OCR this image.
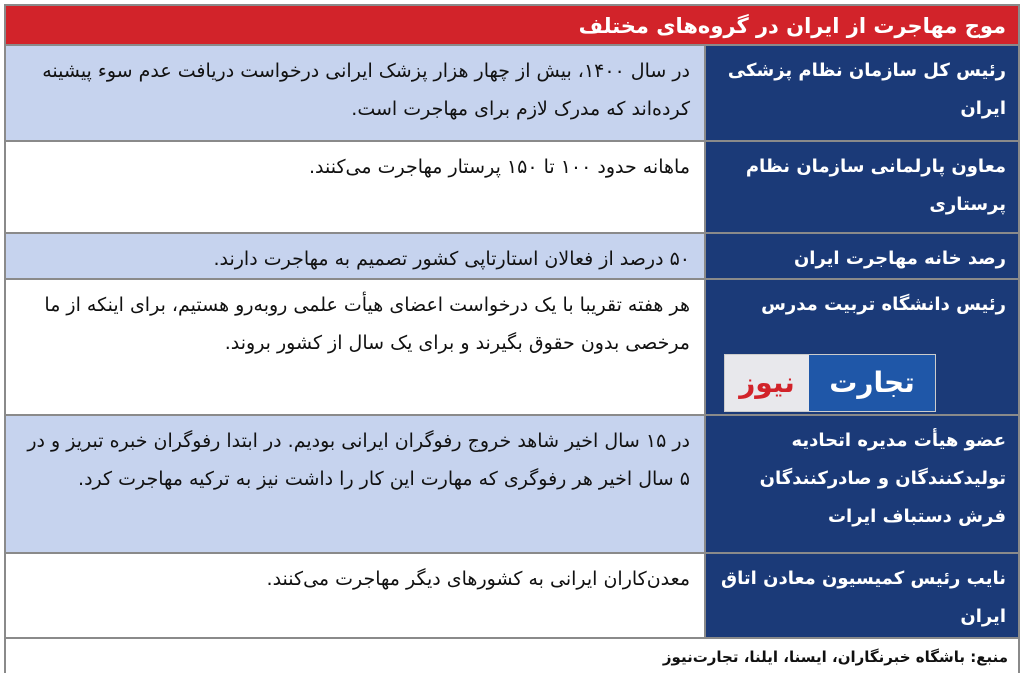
موج مهاجرت از ایران در گروه‌های مختلف
رئیس کل سازمان نظام پزشکی ایران
در سال ۱۴۰۰، بیش از چهار هزار پزشک ایرانی درخواست دریافت عدم سوء پیشینه کرده‌اند که مدرک لازم برای مهاجرت است.
معاون پارلمانی سازمان نظام پرستاری
ماهانه حدود ۱۰۰ تا ۱۵۰ پرستار مهاجرت می‌کنند.
رصد خانه مهاجرت ایران
۵۰ درصد از فعالان استارتاپی کشور تصمیم به مهاجرت دارند.
رئیس دانشگاه تربیت مدرس
نیوز	تجارت
هر هفته تقریبا با یک درخواست اعضای هیأت علمی روبه‌رو هستیم، برای اینکه از ما مرخصی بدون حقوق بگیرند و برای یک سال از کشور بروند.
عضو هیأت مدیره اتحادیه تولیدکنندگان و صادرکنندگان فرش دستباف ایرات
در ۱۵ سال اخیر شاهد خروج رفوگران ایرانی بودیم. در ابتدا رفوگران خبره تبریز و در ۵ سال اخیر هر رفوگری که مهارت این کار را داشت نیز به ترکیه مهاجرت کرد.
نایب رئیس کمیسیون معادن اتاق ایران
معدن‌کاران ایرانی به کشورهای دیگر مهاجرت می‌کنند.
منبع: باشگاه خبرنگاران، ایسنا، ایلنا، تجارت‌نیوز
